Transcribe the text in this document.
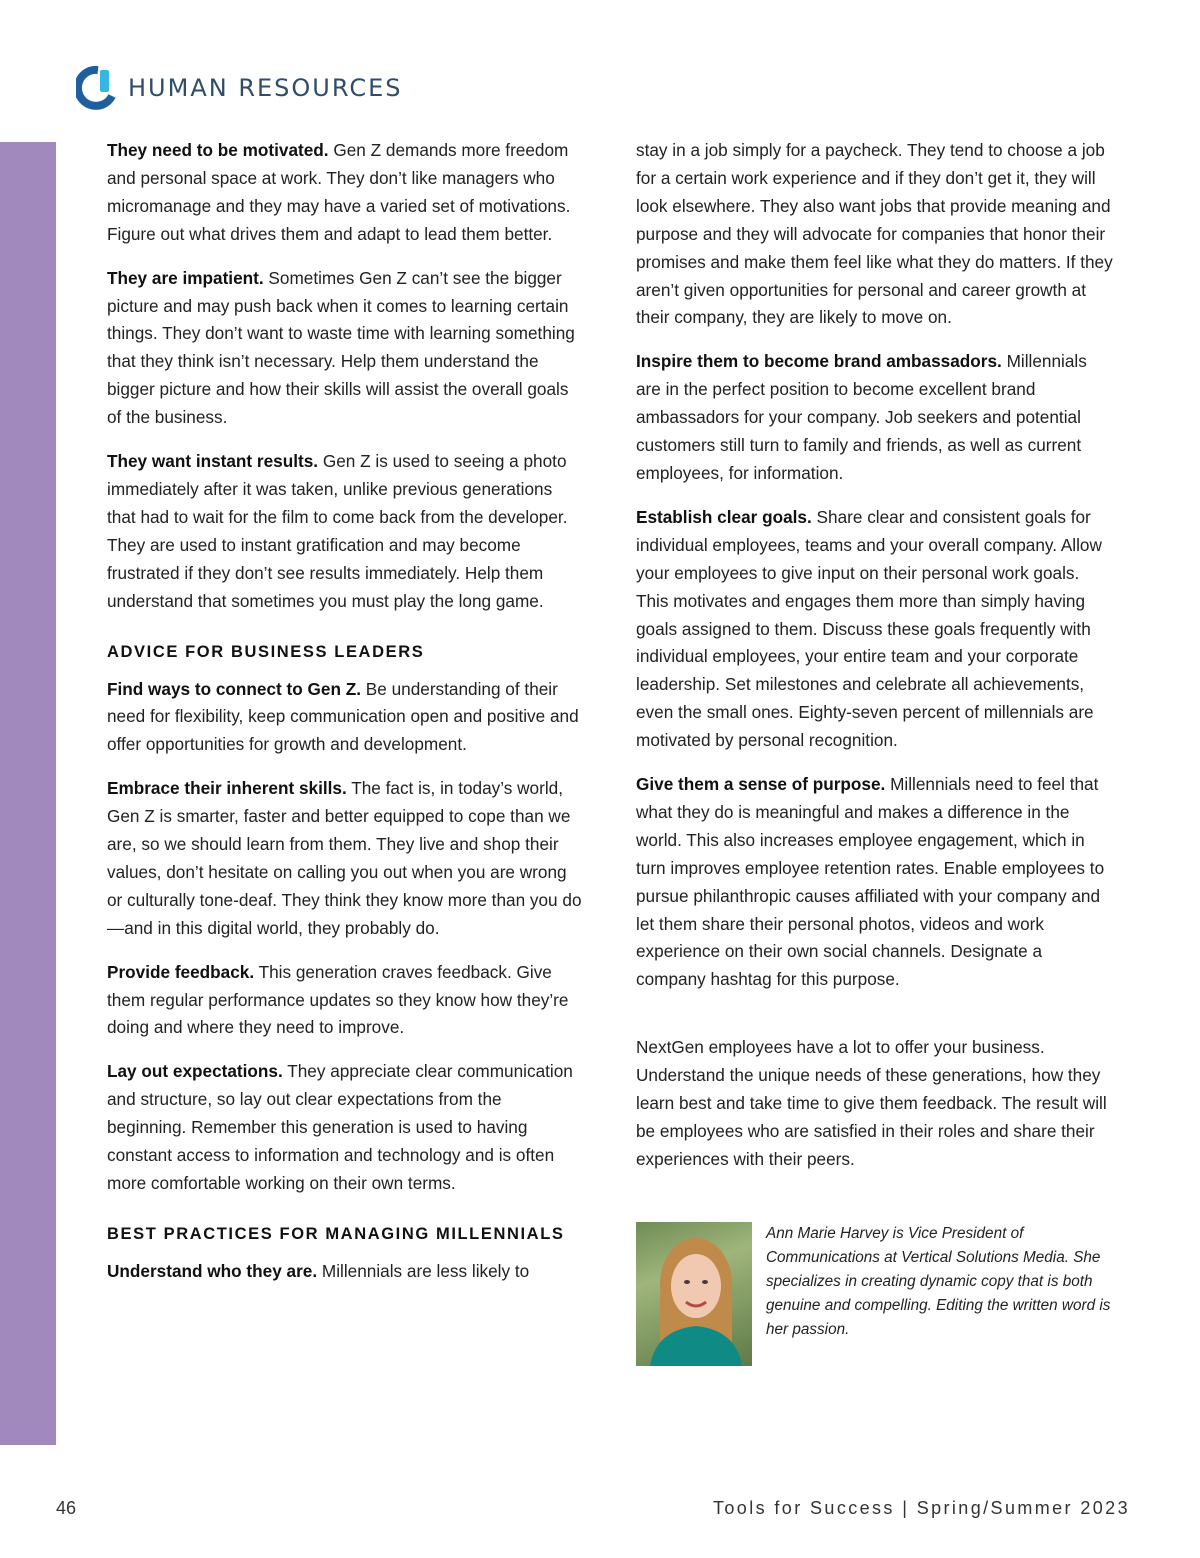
HUMAN RESOURCES

They need to be motivated. Gen Z demands more freedom and personal space at work. They don’t like managers who micromanage and they may have a varied set of motivations. Figure out what drives them and adapt to lead them better.

They are impatient. Sometimes Gen Z can’t see the bigger picture and may push back when it comes to learning certain things. They don’t want to waste time with learning something that they think isn’t necessary. Help them understand the bigger picture and how their skills will assist the overall goals of the business.

They want instant results. Gen Z is used to seeing a photo immediately after it was taken, unlike previous generations that had to wait for the film to come back from the developer. They are used to instant gratification and may become frustrated if they don’t see results immediately. Help them understand that sometimes you must play the long game.

ADVICE FOR BUSINESS LEADERS

Find ways to connect to Gen Z. Be understanding of their need for flexibility, keep communication open and positive and offer opportunities for growth and development.

Embrace their inherent skills. The fact is, in today’s world, Gen Z is smarter, faster and better equipped to cope than we are, so we should learn from them. They live and shop their values, don’t hesitate on calling you out when you are wrong or culturally tone-deaf. They think they know more than you do—and in this digital world, they probably do.

Provide feedback. This generation craves feedback. Give them regular performance updates so they know how they’re doing and where they need to improve.

Lay out expectations. They appreciate clear communication and structure, so lay out clear expectations from the beginning. Remember this generation is used to having constant access to information and technology and is often more comfortable working on their own terms.

BEST PRACTICES FOR MANAGING MILLENNIALS

Understand who they are. Millennials are less likely to

stay in a job simply for a paycheck. They tend to choose a job for a certain work experience and if they don’t get it, they will look elsewhere. They also want jobs that provide meaning and purpose and they will advocate for companies that honor their promises and make them feel like what they do matters. If they aren’t given opportunities for personal and career growth at their company, they are likely to move on.

Inspire them to become brand ambassadors. Millennials are in the perfect position to become excellent brand ambassadors for your company. Job seekers and potential customers still turn to family and friends, as well as current employees, for information.

Establish clear goals. Share clear and consistent goals for individual employees, teams and your overall company. Allow your employees to give input on their personal work goals. This motivates and engages them more than simply having goals assigned to them. Discuss these goals frequently with individual employees, your entire team and your corporate leadership. Set milestones and celebrate all achievements, even the small ones. Eighty-seven percent of millennials are motivated by personal recognition.

Give them a sense of purpose. Millennials need to feel that what they do is meaningful and makes a difference in the world. This also increases employee engagement, which in turn improves employee retention rates. Enable employees to pursue philanthropic causes affiliated with your company and let them share their personal photos, videos and work experience on their own social channels. Designate a company hashtag for this purpose.

NextGen employees have a lot to offer your business. Understand the unique needs of these generations, how they learn best and take time to give them feedback. The result will be employees who are satisfied in their roles and share their experiences with their peers.

Ann Marie Harvey is Vice President of Communications at Vertical Solutions Media. She specializes in creating dynamic copy that is both genuine and compelling. Editing the written word is her passion.

46	Tools for Success | Spring/Summer 2023
